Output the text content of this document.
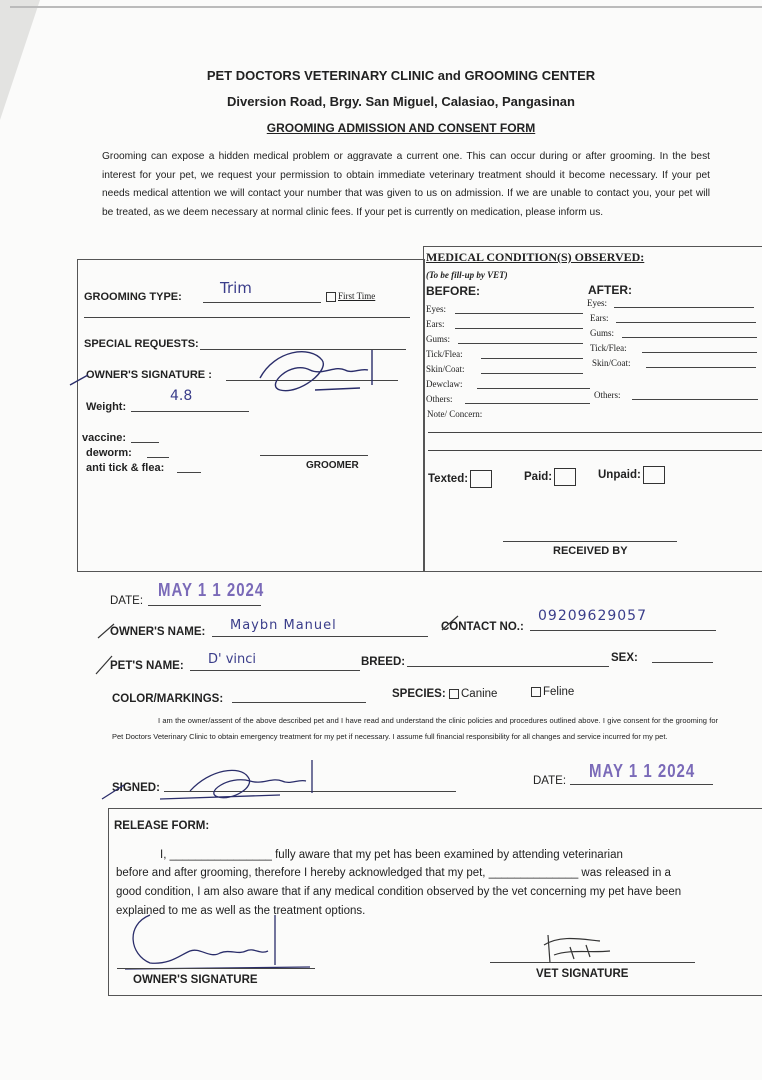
PET DOCTORS VETERINARY CLINIC and GROOMING CENTER
Diversion Road, Brgy. San Miguel, Calasiao, Pangasinan
GROOMING ADMISSION AND CONSENT FORM
Grooming can expose a hidden medical problem or aggravate a current one. This can occur during or after grooming. In the best interest for your pet, we request your permission to obtain immediate veterinary treatment should it become necessary. If your pet needs medical attention we will contact your number that was given to us on admission. If we are unable to contact you, your pet will be treated, as we deem necessary at normal clinic fees. If your pet is currently on medication, please inform us.
GROOMING TYPE:	Trim	First Time
SPECIAL REQUESTS:
OWNER'S SIGNATURE :
Weight:
4.8
vaccine:
deworm:
anti tick & flea:	GROOMER
MEDICAL CONDITION(S) OBSERVED:
(To be fill-up by VET)
BEFORE:	AFTER:
Eyes:
Ears:
Gums:
Tick/Flea:
Skin/Coat:
Dewclaw:
Others:
Eyes:
Ears:
Gums:
Tick/Flea:
Skin/Coat:
Others:
Note/ Concern:
Texted:	Paid:	Unpaid:
RECEIVED BY
DATE:
MAY 1 1 2024
OWNER'S NAME: Maybn Manuel	CONTACT NO.:
09209629057
PET'S NAME: D' vinci	BREED:	SEX:
COLOR/MARKINGS:	SPECIES:	Canine	Feline
I am the owner/assent of the above described pet and I have read and understand the clinic policies and procedures outlined above. I give consent for the grooming for Pet Doctors Veterinary Clinic to obtain emergency treatment for my pet if necessary. I assume full financial responsibility for all changes and service incurred for my pet.
SIGNED:
DATE: MAY 1 1 2024
RELEASE FORM:
I, ________________ fully aware that my pet has been examined by attending veterinarian
before and after grooming, therefore I hereby acknowledged that my pet, ______________ was released in a
good condition, I am also aware that if any medical condition observed by the vet concerning my pet have been
explained to me as well as the treatment options.
OWNER'S SIGNATURE	VET SIGNATURE
